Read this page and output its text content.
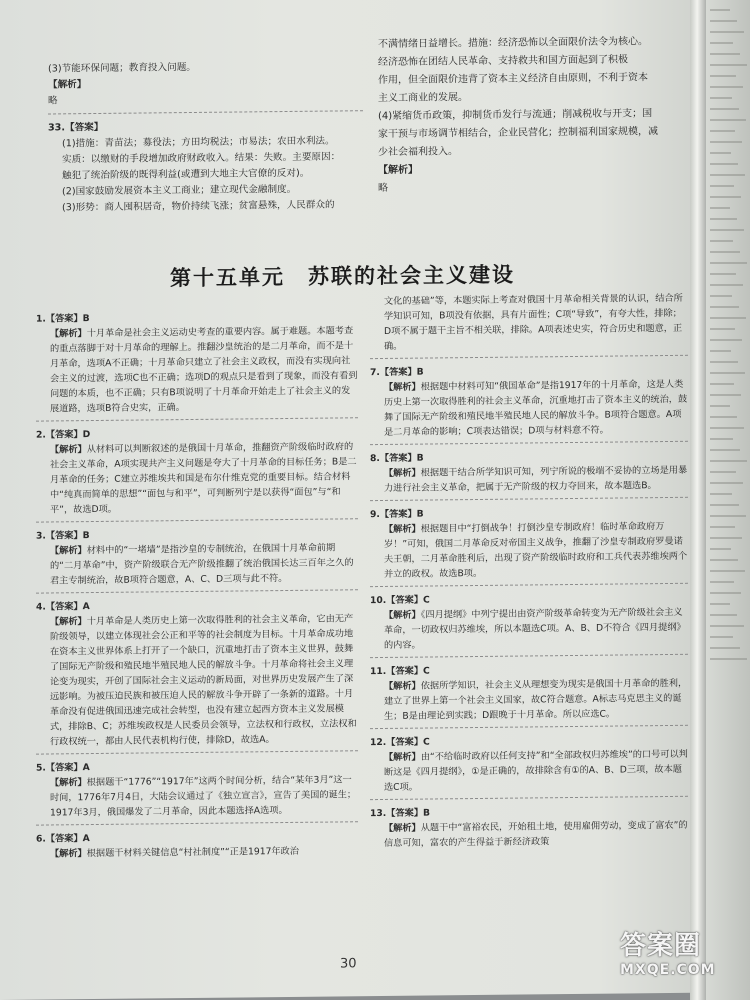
(3)节能环保问题；教育投入问题。

【解析】

略

33.【答案】

(1)措施：青苗法；募役法；方田均税法；市易法；农田水利法。

实质：以缴财的手段增加政府财政收入。结果：失败。主要原因：

触犯了统治阶级的既得利益(或遭到大地主大官僚的反对)。

(2)国家鼓励发展资本主义工商业；建立现代金融制度。

(3)形势：商人囤积居奇，物价持续飞涨；贫富悬殊，人民群众的

不满情绪日益增长。措施：经济恐怖以全面限价法令为核心。

经济恐怖在团结人民革命、支持救共和国方面起到了积极

作用，但全面限价违背了资本主义经济自由原则，不利于资本

主义工商业的发展。

(4)紧缩货币政策，抑制货币发行与流通；削减税收与开支；国

家干预与市场调节相结合，企业民营化；控制福利国家规模，减

少社会福利投入。

【解析】

略

第十五单元　苏联的社会主义建设

1.【答案】B

【解析】十月革命是社会主义运动史考查的重要内容。属于难题。本题考查的重点落脚于对十月革命的理解上。推翻沙皇统治的是二月革命，而不是十月革命，选项A不正确；十月革命只建立了社会主义政权，而没有实现向社会主义的过渡，选项C也不正确；选项D的观点只是看到了现象，而没有看到问题的本质，也不正确；只有B项说明了十月革命开始走上了社会主义的发展道路，选项B符合史实，正确。

2.【答案】D

【解析】从材料可以判断叙述的是俄国十月革命，推翻资产阶级临时政府的社会主义革命，A项实现共产主义问题是夸大了十月革命的目标任务；B是二月革命的任务；C建立苏维埃共和国是布尔什维克党的重要目标。结合材料中“纯真而简单的思想”“面包与和平”，可判断列宁是以获得“面包”与“和平”，故选D项。

3.【答案】B

【解析】材料中的“一堵墙”是指沙皇的专制统治，在俄国十月革命前期的“二月革命”中，资产阶级联合无产阶级推翻了统治俄国长达三百年之久的君主专制统治，故B项符合题意，A、C、D三项与此不符。

4.【答案】A

【解析】十月革命是人类历史上第一次取得胜利的社会主义革命，它由无产阶级领导，以建立体现社会公正和平等的社会制度为目标。十月革命成功地在资本主义世界体系上打开了一个缺口，沉重地打击了资本主义世界，鼓舞了国际无产阶级和殖民地半殖民地人民的解放斗争。十月革命将社会主义理论变为现实，开创了国际社会主义运动的新局面，对世界历史发展产生了深远影响。为被压迫民族和被压迫人民的解放斗争开辟了一条新的道路。十月革命没有促进俄国迅速完成社会转型，也没有建立起西方资本主义发展模式，排除B、C；苏维埃政权是人民委员会领导，立法权和行政权，立法权和行政权统一，都由人民代表机构行使，排除D，故选A。

5.【答案】A

【解析】根据题干“1776”“1917年”这两个时间分析，结合“某年3月”这一时间，1776年7月4日，大陆会议通过了《独立宣言》，宣告了美国的诞生；1917年3月，俄国爆发了二月革命，因此本题选择A选项。

6.【答案】A

【解析】根据题干材料关键信息“村社制度”“正是1917年政治

文化的基础”等，本题实际上考查对俄国十月革命相关背景的认识，结合所学知识可知，B项没有依据，具有片面性；C项“导致”，有夸大性，排除；D项不属于题干主旨不相关联，排除。A项表述史实，符合历史和题意，正确。

7.【答案】B

【解析】根据题中材料可知“俄国革命”是指1917年的十月革命，这是人类历史上第一次取得胜利的社会主义革命，沉重地打击了资本主义的统治，鼓舞了国际无产阶级和殖民地半殖民地人民的解放斗争。B项符合题意。A项是二月革命的影响；C项表达错误；D项与材料意不符。

8.【答案】B

【解析】根据题干结合所学知识可知，列宁所说的极端不妥协的立场是用暴力进行社会主义革命，把属于无产阶级的权力夺回来，故本题选B。

9.【答案】B

【解析】根据题目中“打倒战争！打倒沙皇专制政府！临时革命政府万岁！”可知，俄国二月革命反对帝国主义战争，推翻了沙皇专制政府罗曼诺夫王朝，二月革命胜利后，出现了资产阶级临时政府和工兵代表苏维埃两个并立的政权。故选B项。

10.【答案】C

【解析】《四月提纲》中列宁提出由资产阶级革命转变为无产阶级社会主义革命，一切政权归苏维埃，所以本题选C项。A、B、D不符合《四月提纲》的内容。

11.【答案】C

【解析】依据所学知识，社会主义从理想变为现实是俄国十月革命的胜利，建立了世界上第一个社会主义国家，故C符合题意。A标志马克思主义的诞生；B是由理论到实践；D跟晚于十月革命。所以应选C。

12.【答案】C

【解析】由“不给临时政府以任何支持”和“全部政权归苏维埃”的口号可以判断这是《四月提纲》，①是正确的，故排除含有①的A、B、D三项，故本题选C项。

13.【答案】B

【解析】从题干中“富裕农民，开始租土地，使用雇佣劳动，变成了富农”的信息可知，富农的产生得益于新经济政策

30
答案圈
MXQE.COM
